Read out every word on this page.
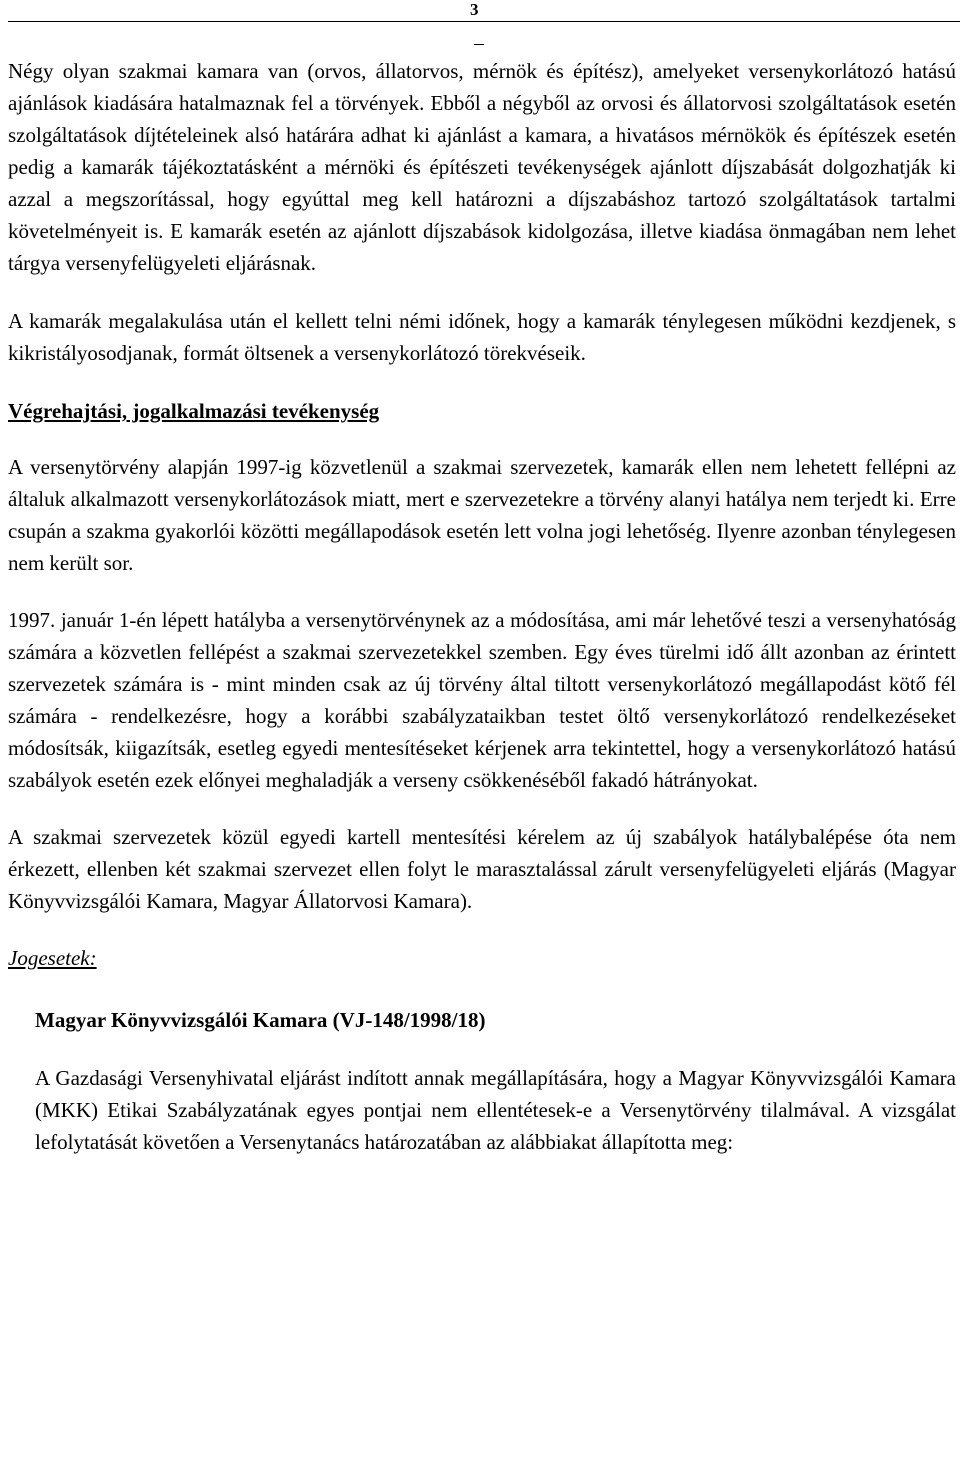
3

Négy olyan szakmai kamara van (orvos, állatorvos, mérnök és építész), amelyeket versenykorlátozó hatású ajánlások kiadására hatalmaznak fel a törvények. Ebből a négyből az orvosi és állatorvosi szolgáltatások esetén szolgáltatások díjtételeinek alsó határára adhat ki ajánlást a kamara, a hivatásos mérnökök és építészek esetén pedig a kamarák tájékoztatásként a mérnöki és építészeti tevékenységek ajánlott díjszabását dolgozhatják ki azzal a megszorítással, hogy egyúttal meg kell határozni a díjszabáshoz tartozó szolgáltatások tartalmi követelményeit is. E kamarák esetén az ajánlott díjszabások kidolgozása, illetve kiadása önmagában nem lehet tárgya versenyfelügyeleti eljárásnak.

A kamarák megalakulása után el kellett telni némi időnek, hogy a kamarák ténylegesen működni kezdjenek, s kikristályosodjanak, formát öltsenek a versenykorlátozó törekvéseik.

Végrehajtási, jogalkalmazási tevékenység

A versenytörvény alapján 1997-ig közvetlenül a szakmai szervezetek, kamarák ellen nem lehetett fellépni az általuk alkalmazott versenykorlátozások miatt, mert e szervezetekre a törvény alanyi hatálya nem terjedt ki. Erre csupán a szakma gyakorlói közötti megállapodások esetén lett volna jogi lehetőség. Ilyenre azonban ténylegesen nem került sor.

1997. január 1-én lépett hatályba a versenytörvénynek az a módosítása, ami már lehetővé teszi a versenyhatóság számára a közvetlen fellépést a szakmai szervezetekkel szemben. Egy éves türelmi idő állt azonban az érintett szervezetek számára is - mint minden csak az új törvény által tiltott versenykorlátozó megállapodást kötő fél számára - rendelkezésre, hogy a korábbi szabályzataikban testet öltő versenykorlátozó rendelkezéseket módosítsák, kiigazítsák, esetleg egyedi mentesítéseket kérjenek arra tekintettel, hogy a versenykorlátozó hatású szabályok esetén ezek előnyei meghaladják a verseny csökkenéséből fakadó hátrányokat.

A szakmai szervezetek közül egyedi kartell mentesítési kérelem az új szabályok hatálybalépése óta nem érkezett, ellenben két szakmai szervezet ellen folyt le marasztalással zárult versenyfelügyeleti eljárás (Magyar Könyvvizsgálói Kamara, Magyar Állatorvosi Kamara).

Jogesetek:
Magyar Könyvvizsgálói Kamara (VJ-148/1998/18)

A Gazdasági Versenyhivatal eljárást indított annak megállapítására, hogy a Magyar Könyvvizsgálói Kamara (MKK) Etikai Szabályzatának egyes pontjai nem ellentétesek-e a Versenytörvény tilalmával. A vizsgálat lefolytatását követően a Versenytanács határozatában az alábbiakat állapította meg:
